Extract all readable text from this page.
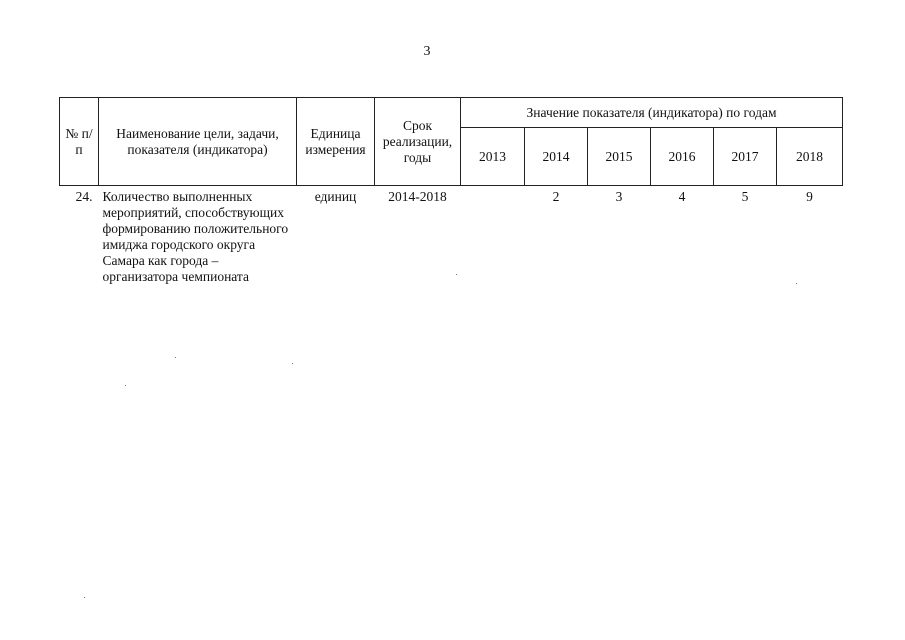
3
№ п/п	Наименование цели, задачи, показателя (индикатора)	Единица измерения	Срок реализации, годы	Значение показателя (индикатора) по годам					
				2013	2014	2015	2016	2017	2018
24.	Количество выполненных мероприятий, способствующих формированию положительного имиджа городского округа Самара как города – организатора чемпионата	единиц	2014-2018		2	3	4	5	9
